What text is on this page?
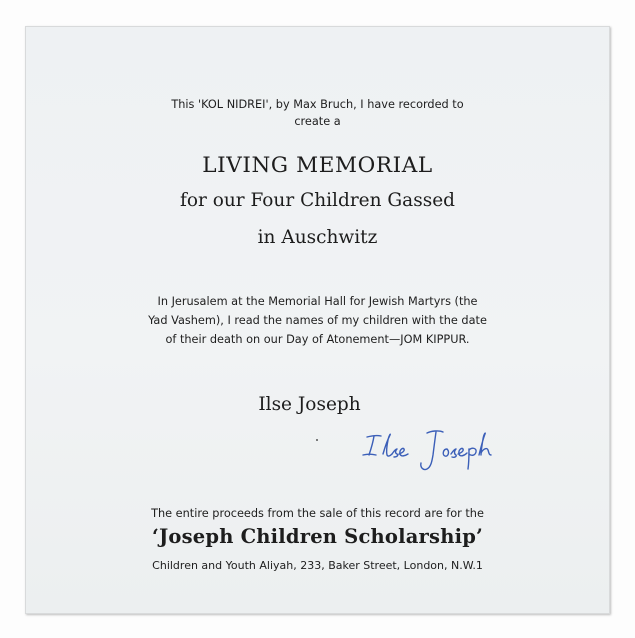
This 'KOL NIDREI', by Max Bruch, I have recorded to
create a
LIVING MEMORIAL
for our Four Children Gassed
in Auschwitz
In Jerusalem at the Memorial Hall for Jewish Martyrs (the
Yad Vashem), I read the names of my children with the date
of their death on our Day of Atonement—JOM KIPPUR.
Ilse Joseph
The entire proceeds from the sale of this record are for the
‘Joseph Children Scholarship’
Children and Youth Aliyah, 233, Baker Street, London, N.W.1
